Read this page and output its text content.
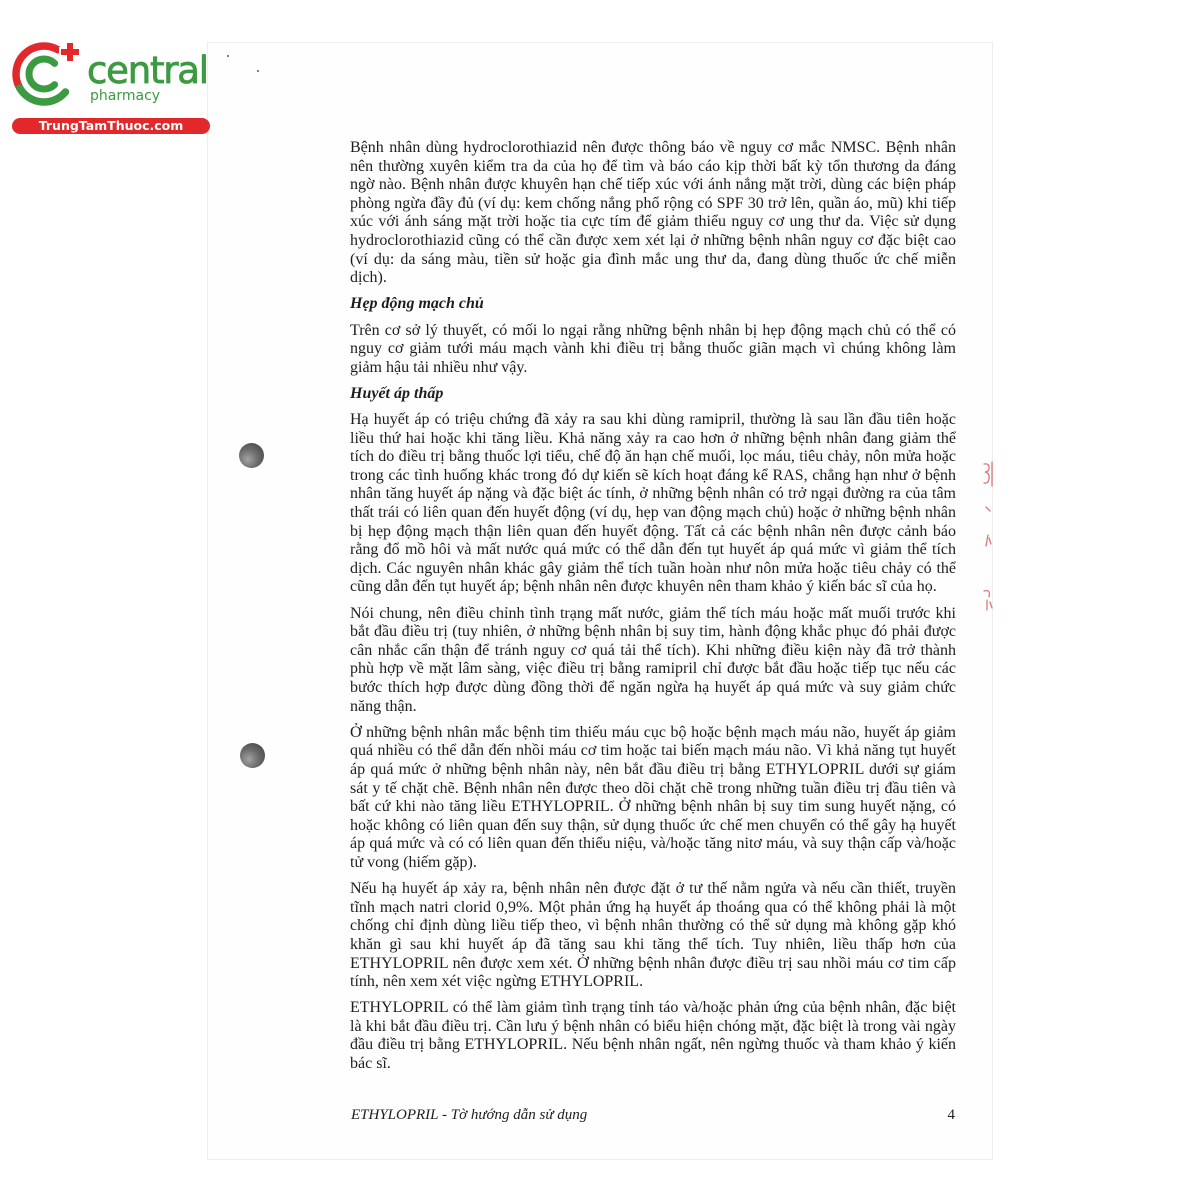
central
pharmacy
TrungTamThuoc.com
Bệnh nhân dùng hydroclorothiazid nên được thông báo về nguy cơ mắc NMSC. Bệnh nhân
nên thường xuyên kiểm tra da của họ để tìm và báo cáo kịp thời bất kỳ tổn thương da đáng
ngờ nào. Bệnh nhân được khuyên hạn chế tiếp xúc với ánh nắng mặt trời, dùng các biện pháp
phòng ngừa đầy đủ (ví dụ: kem chống nắng phổ rộng có SPF 30 trở lên, quần áo, mũ) khi tiếp
xúc với ánh sáng mặt trời hoặc tia cực tím để giảm thiểu nguy cơ ung thư da. Việc sử dụng
hydroclorothiazid cũng có thể cần được xem xét lại ở những bệnh nhân nguy cơ đặc biệt cao
(ví dụ: da sáng màu, tiền sử hoặc gia đình mắc ung thư da, đang dùng thuốc ức chế miễn
dịch).
Hẹp động mạch chủ
Trên cơ sở lý thuyết, có mối lo ngại rằng những bệnh nhân bị hẹp động mạch chủ có thể có
nguy cơ giảm tưới máu mạch vành khi điều trị bằng thuốc giãn mạch vì chúng không làm
giảm hậu tải nhiều như vậy.
Huyết áp thấp
Hạ huyết áp có triệu chứng đã xảy ra sau khi dùng ramipril, thường là sau lần đầu tiên hoặc
liều thứ hai hoặc khi tăng liều. Khả năng xảy ra cao hơn ở những bệnh nhân đang giảm thể
tích do điều trị bằng thuốc lợi tiểu, chế độ ăn hạn chế muối, lọc máu, tiêu chảy, nôn mửa hoặc
trong các tình huống khác trong đó dự kiến sẽ kích hoạt đáng kể RAS, chẳng hạn như ở bệnh
nhân tăng huyết áp nặng và đặc biệt ác tính, ở những bệnh nhân có trở ngại đường ra của tâm
thất trái có liên quan đến huyết động (ví dụ, hẹp van động mạch chủ) hoặc ở những bệnh nhân
bị hẹp động mạch thận liên quan đến huyết động. Tất cả các bệnh nhân nên được cảnh báo
rằng đổ mồ hôi và mất nước quá mức có thể dẫn đến tụt huyết áp quá mức vì giảm thể tích
dịch. Các nguyên nhân khác gây giảm thể tích tuần hoàn như nôn mửa hoặc tiêu chảy có thể
cũng dẫn đến tụt huyết áp; bệnh nhân nên được khuyên nên tham khảo ý kiến bác sĩ của họ.
Nói chung, nên điều chỉnh tình trạng mất nước, giảm thể tích máu hoặc mất muối trước khi
bắt đầu điều trị (tuy nhiên, ở những bệnh nhân bị suy tim, hành động khắc phục đó phải được
cân nhắc cẩn thận để tránh nguy cơ quá tải thể tích). Khi những điều kiện này đã trở thành
phù hợp về mặt lâm sàng, việc điều trị bằng ramipril chỉ được bắt đầu hoặc tiếp tục nếu các
bước thích hợp được dùng đồng thời để ngăn ngừa hạ huyết áp quá mức và suy giảm chức
năng thận.
Ở những bệnh nhân mắc bệnh tim thiếu máu cục bộ hoặc bệnh mạch máu não, huyết áp giảm
quá nhiều có thể dẫn đến nhồi máu cơ tim hoặc tai biến mạch máu não. Vì khả năng tụt huyết
áp quá mức ở những bệnh nhân này, nên bắt đầu điều trị bằng ETHYLOPRIL dưới sự giám
sát y tế chặt chẽ. Bệnh nhân nên được theo dõi chặt chẽ trong những tuần điều trị đầu tiên và
bất cứ khi nào tăng liều ETHYLOPRIL. Ở những bệnh nhân bị suy tim sung huyết nặng, có
hoặc không có liên quan đến suy thận, sử dụng thuốc ức chế men chuyển có thể gây hạ huyết
áp quá mức và có có liên quan đến thiểu niệu, và/hoặc tăng nitơ máu, và suy thận cấp và/hoặc
tử vong (hiếm gặp).
Nếu hạ huyết áp xảy ra, bệnh nhân nên được đặt ở tư thế nằm ngửa và nếu cần thiết, truyền
tĩnh mạch natri clorid 0,9%. Một phản ứng hạ huyết áp thoáng qua có thể không phải là một
chống chỉ định dùng liều tiếp theo, vì bệnh nhân thường có thể sử dụng mà không gặp khó
khăn gì sau khi huyết áp đã tăng sau khi tăng thể tích. Tuy nhiên, liều thấp hơn của
ETHYLOPRIL nên được xem xét. Ở những bệnh nhân được điều trị sau nhồi máu cơ tim cấp
tính, nên xem xét việc ngừng ETHYLOPRIL.
ETHYLOPRIL có thể làm giảm tình trạng tỉnh táo và/hoặc phản ứng của bệnh nhân, đặc biệt
là khi bắt đầu điều trị. Cần lưu ý bệnh nhân có biểu hiện chóng mặt, đặc biệt là trong vài ngày
đầu điều trị bằng ETHYLOPRIL. Nếu bệnh nhân ngất, nên ngừng thuốc và tham khảo ý kiến
bác sĩ.
ETHYLOPRIL - Tờ hướng dẫn sử dụng	4
